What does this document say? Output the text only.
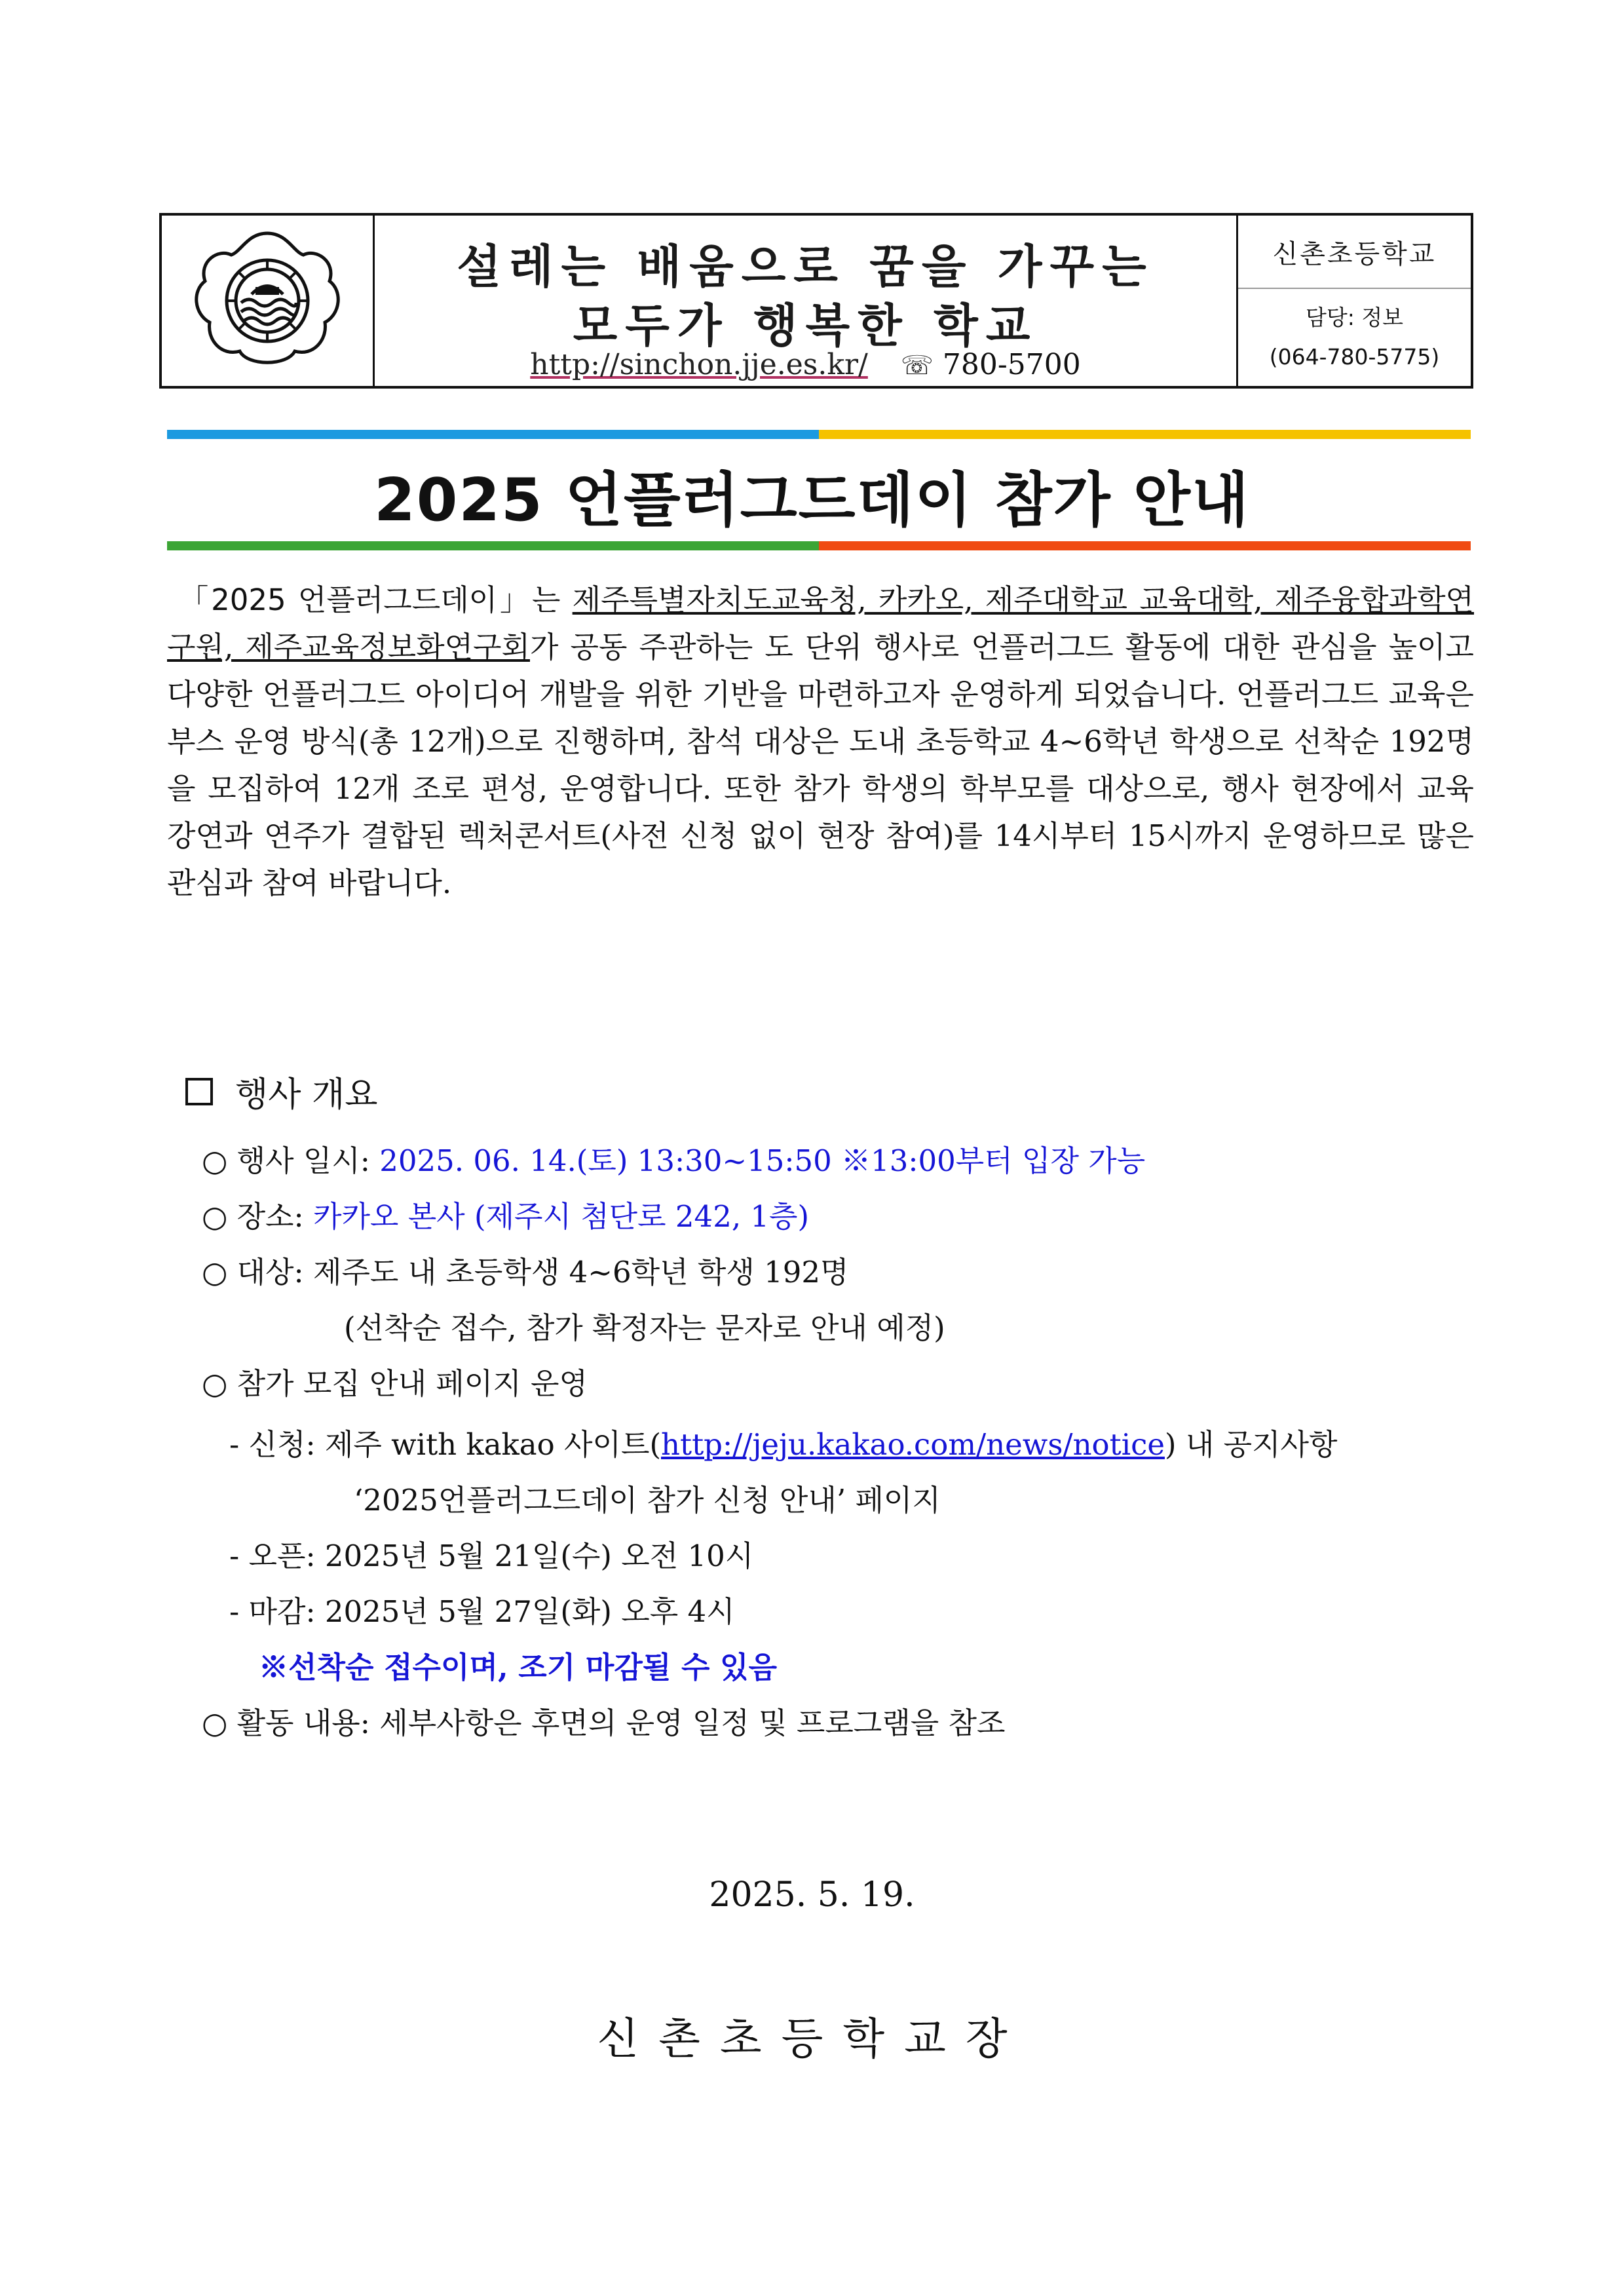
설레는 배움으로 꿈을 가꾸는
모두가 행복한 학교
http://sinchon.jje.es.kr/ ☏ 780-5700
신촌초등학교
담당: 정보
(064-780-5775)
2025 언플러그드데이 참가 안내
「2025 언플러그드데이」는 제주특별자치도교육청, 카카오, 제주대학교 교육대학, 제주융합과학연구원, 제주교육정보화연구회가 공동 주관하는 도 단위 행사로 언플러그드 활동에 대한 관심을 높이고 다양한 언플러그드 아이디어 개발을 위한 기반을 마련하고자 운영하게 되었습니다. 언플러그드 교육은 부스 운영 방식(총 12개)으로 진행하며, 참석 대상은 도내 초등학교 4~6학년 학생으로 선착순 192명을 모집하여 12개 조로 편성, 운영합니다. 또한 참가 학생의 학부모를 대상으로, 행사 현장에서 교육 강연과 연주가 결합된 렉처콘서트(사전 신청 없이 현장 참여)를 14시부터 15시까지 운영하므로 많은 관심과 참여 바랍니다.
행사 개요
○ 행사 일시: 2025. 06. 14.(토) 13:30~15:50 ※13:00부터 입장 가능
○ 장소: 카카오 본사 (제주시 첨단로 242, 1층)
○ 대상: 제주도 내 초등학생 4~6학년 학생 192명
(선착순 접수, 참가 확정자는 문자로 안내 예정)
○ 참가 모집 안내 페이지 운영
- 신청: 제주 with kakao 사이트(http://jeju.kakao.com/news/notice) 내 공지사항
‘2025언플러그드데이 참가 신청 안내’ 페이지
- 오픈: 2025년 5월 21일(수) 오전 10시
- 마감: 2025년 5월 27일(화) 오후 4시
※선착순 접수이며, 조기 마감될 수 있음
○ 활동 내용: 세부사항은 후면의 운영 일정 및 프로그램을 참조
2025. 5. 19.
신촌초등학교장
